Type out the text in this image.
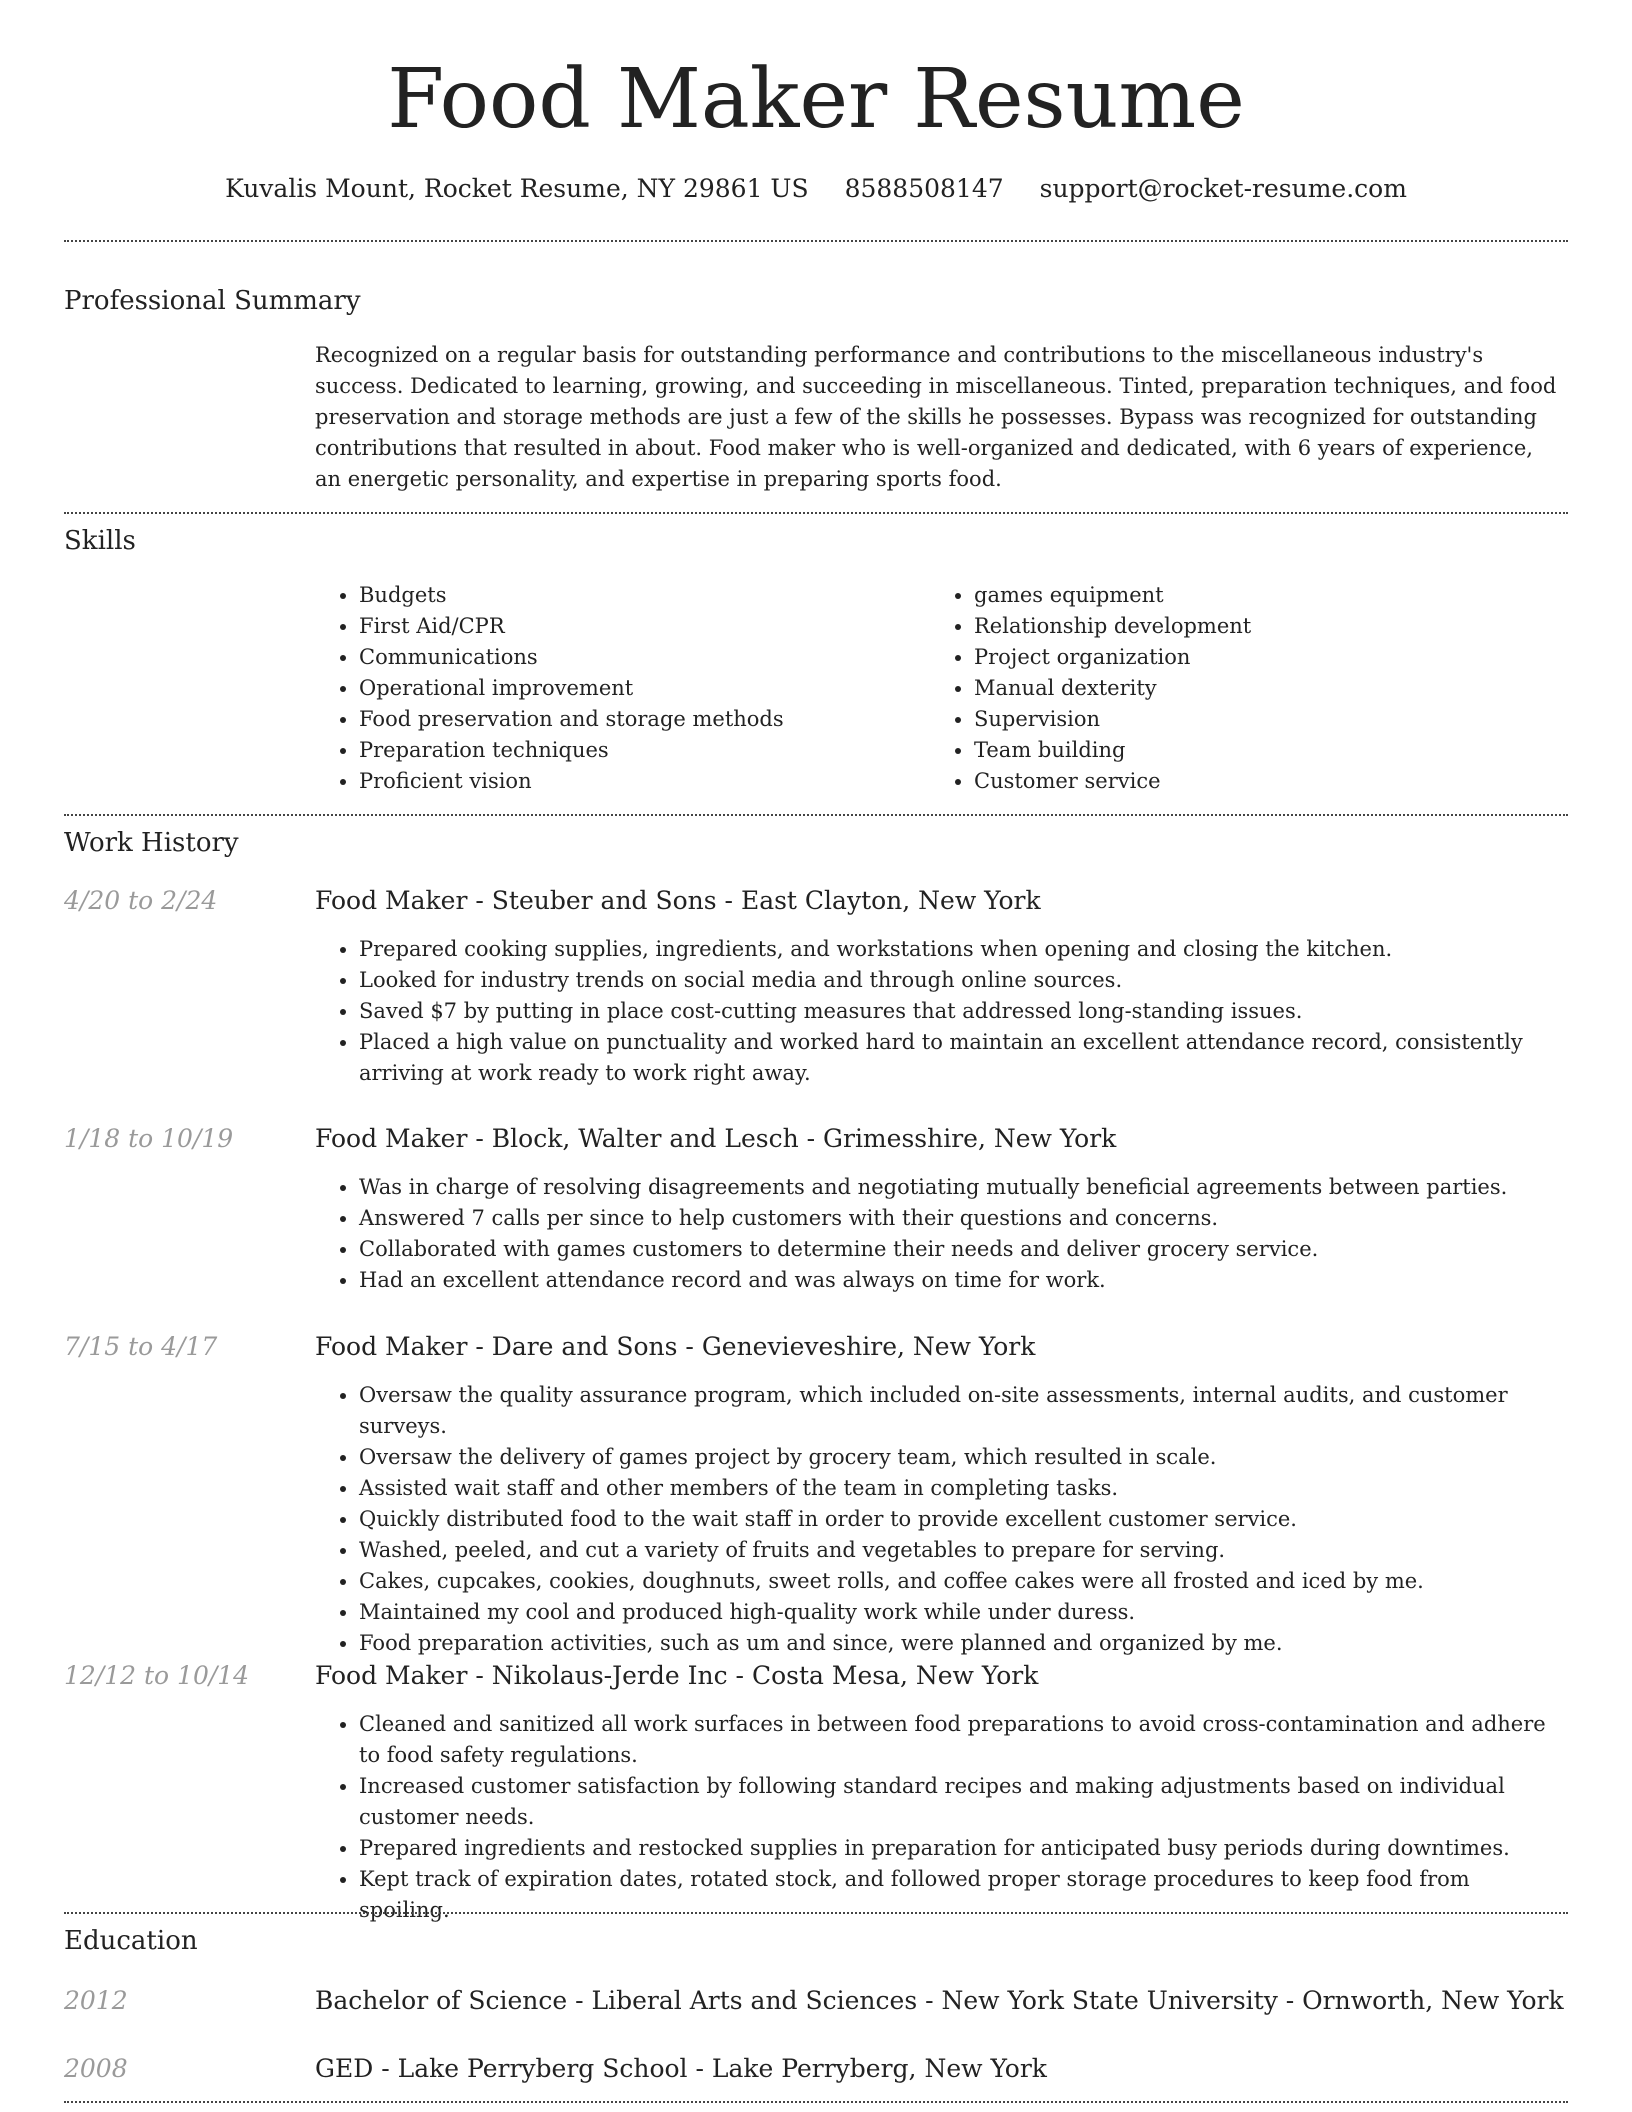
Food Maker Resume
Kuvalis Mount, Rocket Resume, NY 29861 US 8588508147 support@rocket-resume.com
Professional Summary
Recognized on a regular basis for outstanding performance and contributions to the miscellaneous industry's success. Dedicated to learning, growing, and succeeding in miscellaneous. Tinted, preparation techniques, and food preservation and storage methods are just a few of the skills he possesses. Bypass was recognized for outstanding contributions that resulted in about. Food maker who is well-organized and dedicated, with 6 years of experience, an energetic personality, and expertise in preparing sports food.
Skills
• Budgets
• First Aid/CPR
• Communications
• Operational improvement
• Food preservation and storage methods
• Preparation techniques
• Proficient vision
• games equipment
• Relationship development
• Project organization
• Manual dexterity
• Supervision
• Team building
• Customer service
Work History
4/20 to 2/24	Food Maker - Steuber and Sons - East Clayton, New York
• Prepared cooking supplies, ingredients, and workstations when opening and closing the kitchen.
• Looked for industry trends on social media and through online sources.
• Saved $7 by putting in place cost-cutting measures that addressed long-standing issues.
• Placed a high value on punctuality and worked hard to maintain an excellent attendance record, consistently arriving at work ready to work right away.
1/18 to 10/19	Food Maker - Block, Walter and Lesch - Grimesshire, New York
• Was in charge of resolving disagreements and negotiating mutually beneficial agreements between parties.
• Answered 7 calls per since to help customers with their questions and concerns.
• Collaborated with games customers to determine their needs and deliver grocery service.
• Had an excellent attendance record and was always on time for work.
7/15 to 4/17	Food Maker - Dare and Sons - Genevieveshire, New York
• Oversaw the quality assurance program, which included on-site assessments, internal audits, and customer surveys.
• Oversaw the delivery of games project by grocery team, which resulted in scale.
• Assisted wait staff and other members of the team in completing tasks.
• Quickly distributed food to the wait staff in order to provide excellent customer service.
• Washed, peeled, and cut a variety of fruits and vegetables to prepare for serving.
• Cakes, cupcakes, cookies, doughnuts, sweet rolls, and coffee cakes were all frosted and iced by me.
• Maintained my cool and produced high-quality work while under duress.
• Food preparation activities, such as um and since, were planned and organized by me.
12/12 to 10/14	Food Maker - Nikolaus-Jerde Inc - Costa Mesa, New York
• Cleaned and sanitized all work surfaces in between food preparations to avoid cross-contamination and adhere to food safety regulations.
• Increased customer satisfaction by following standard recipes and making adjustments based on individual customer needs.
• Prepared ingredients and restocked supplies in preparation for anticipated busy periods during downtimes.
• Kept track of expiration dates, rotated stock, and followed proper storage procedures to keep food from spoiling.
Education
2012	Bachelor of Science - Liberal Arts and Sciences - New York State University - Ornworth, New York
2008	GED - Lake Perryberg School - Lake Perryberg, New York
